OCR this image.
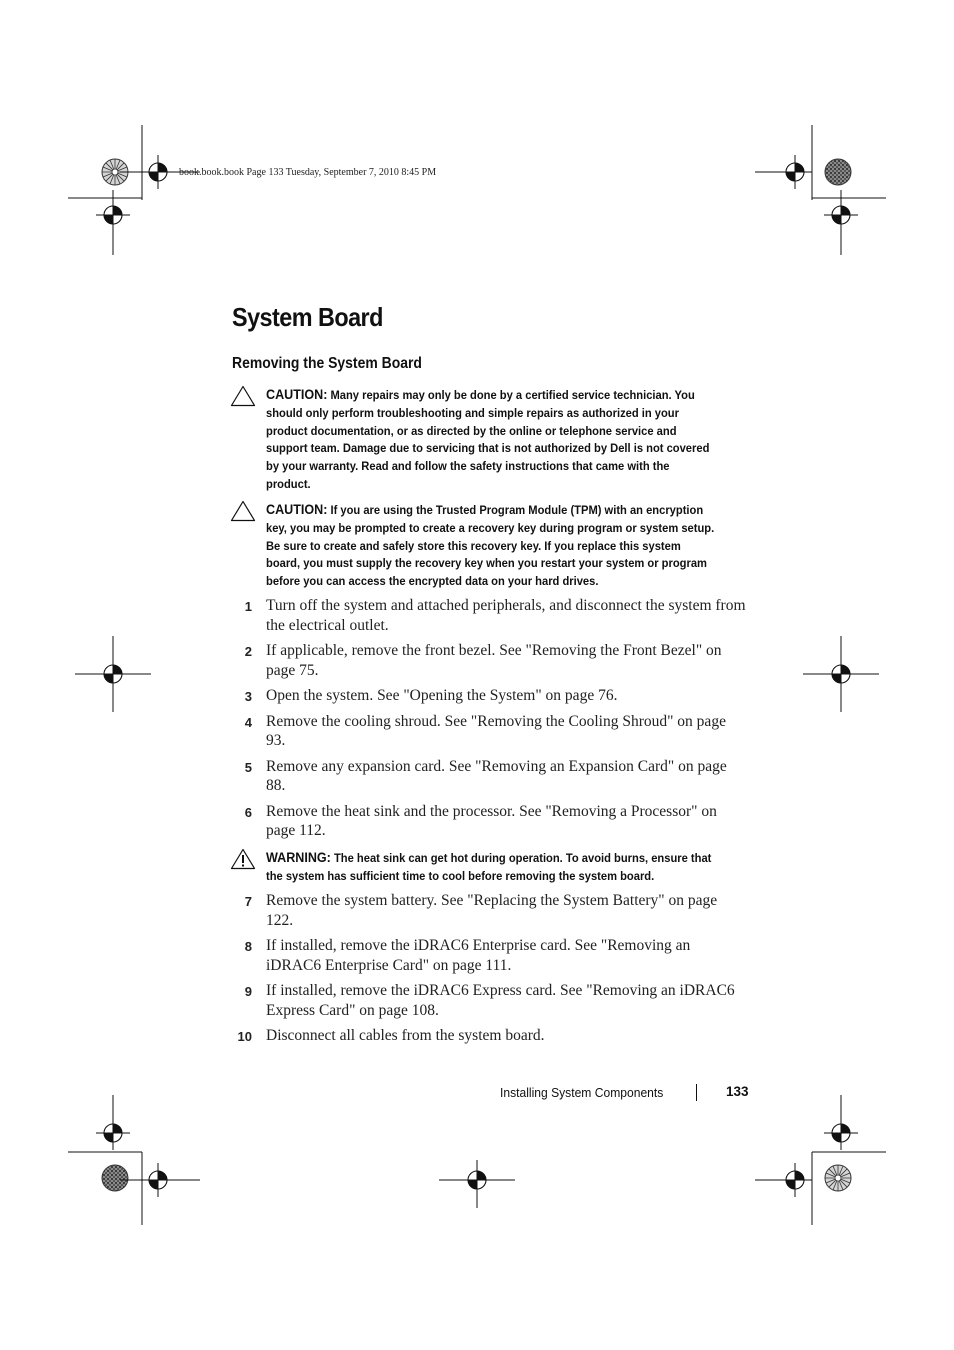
book.book.book Page 133 Tuesday, September 7, 2010 8:45 PM
System Board
Removing the System Board
CAUTION: Many repairs may only be done by a certified service technician. You should only perform troubleshooting and simple repairs as authorized in your product documentation, or as directed by the online or telephone service and support team. Damage due to servicing that is not authorized by Dell is not covered by your warranty. Read and follow the safety instructions that came with the product.
CAUTION: If you are using the Trusted Program Module (TPM) with an encryption key, you may be prompted to create a recovery key during program or system setup. Be sure to create and safely store this recovery key. If you replace this system board, you must supply the recovery key when you restart your system or program before you can access the encrypted data on your hard drives.
1 Turn off the system and attached peripherals, and disconnect the system from the electrical outlet.
2 If applicable, remove the front bezel. See "Removing the Front Bezel" on page 75.
3 Open the system. See "Opening the System" on page 76.
4 Remove the cooling shroud. See "Removing the Cooling Shroud" on page 93.
5 Remove any expansion card. See "Removing an Expansion Card" on page 88.
6 Remove the heat sink and the processor. See "Removing a Processor" on page 112.
WARNING: The heat sink can get hot during operation. To avoid burns, ensure that the system has sufficient time to cool before removing the system board.
7 Remove the system battery. See "Replacing the System Battery" on page 122.
8 If installed, remove the iDRAC6 Enterprise card. See "Removing an iDRAC6 Enterprise Card" on page 111.
9 If installed, remove the iDRAC6 Express card. See "Removing an iDRAC6 Express Card" on page 108.
10 Disconnect all cables from the system board.
Installing System Components	133
